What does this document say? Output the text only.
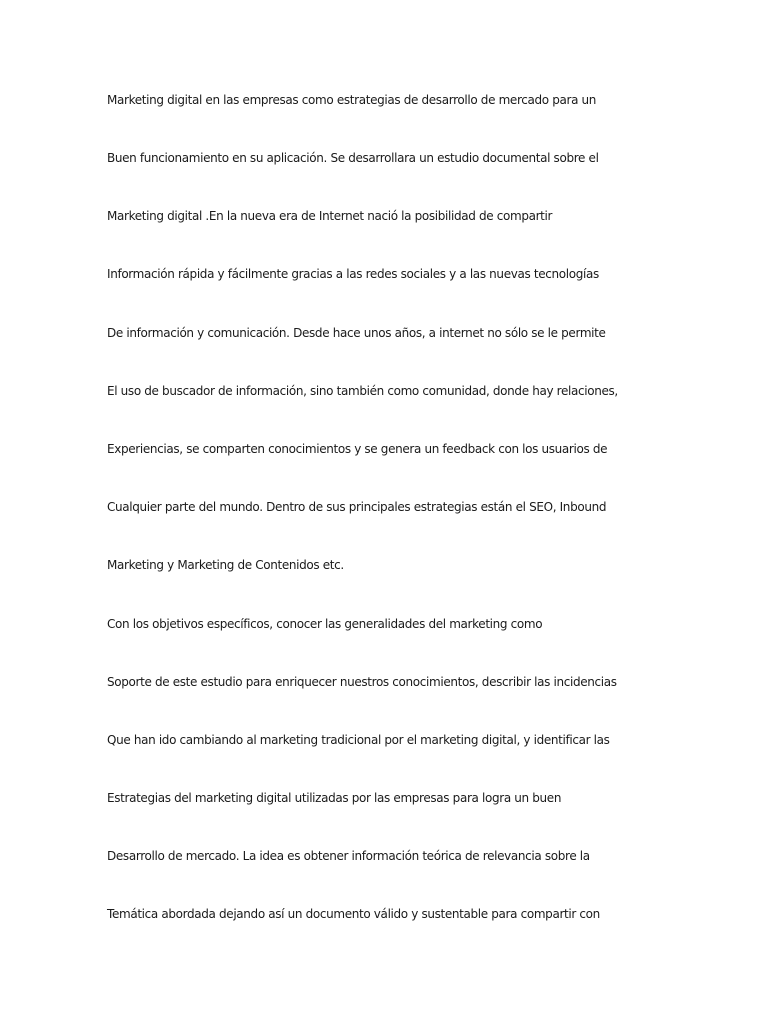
Marketing digital en las empresas como estrategias de desarrollo de mercado para un

Buen funcionamiento en su aplicación. Se desarrollara un estudio documental sobre el

Marketing digital .En la nueva era de Internet nació la posibilidad de compartir

Información rápida y fácilmente gracias a las redes sociales y a las nuevas tecnologías

De información y comunicación. Desde hace unos años, a internet no sólo se le permite

El uso de buscador de información, sino también como comunidad, donde hay relaciones,

Experiencias, se comparten conocimientos y se genera un feedback con los usuarios de

Cualquier parte del mundo. Dentro de sus principales estrategias están el SEO, Inbound

Marketing y Marketing de Contenidos etc.

Con los objetivos específicos, conocer las generalidades del marketing como

Soporte de este estudio para enriquecer nuestros conocimientos, describir las incidencias

Que han ido cambiando al marketing tradicional por el marketing digital, y identificar las

Estrategias del marketing digital utilizadas por las empresas para logra un buen

Desarrollo de mercado. La idea es obtener información teórica de relevancia sobre la

Temática abordada dejando así un documento válido y sustentable para compartir con
